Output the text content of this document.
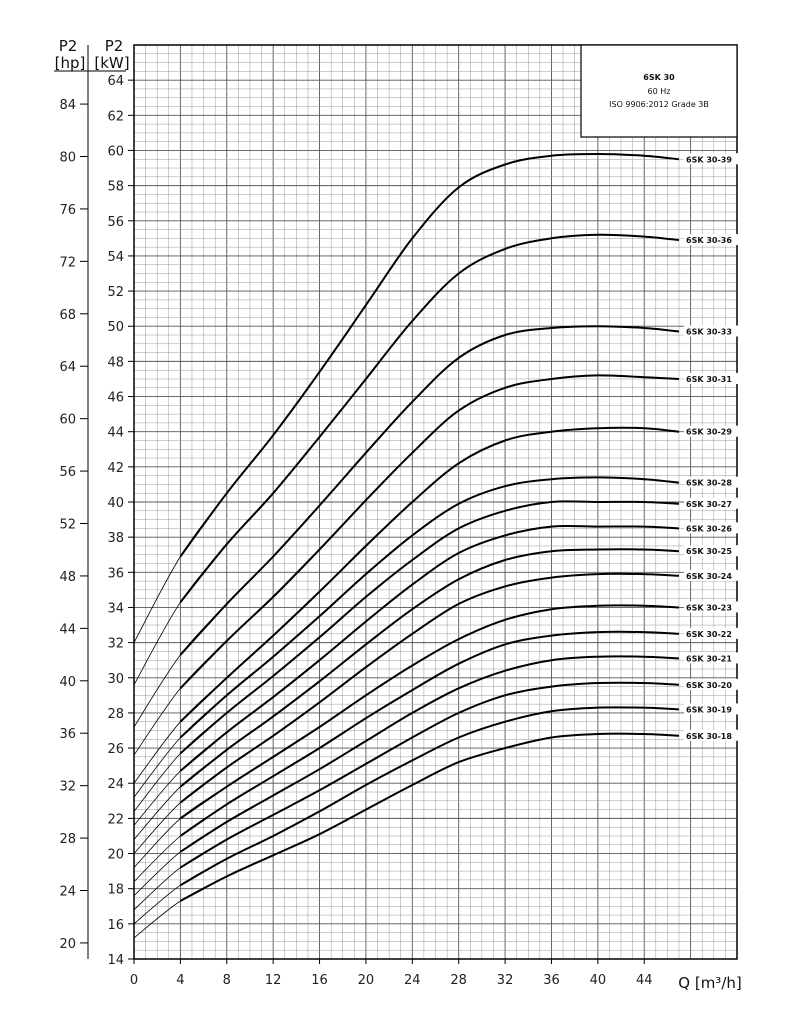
6SK 30
60 Hz
ISO 9906:2012 Grade 3B
6SK 30-18
6SK 30-19
6SK 30-20
6SK 30-21
6SK 30-22
6SK 30-23
6SK 30-24
6SK 30-25
6SK 30-26
6SK 30-27
6SK 30-28
6SK 30-29
6SK 30-31
6SK 30-33
6SK 30-36
6SK 30-39
0	4	8	12 16 20 24 28 32 36 40 44
14
16
18
20
22
24
26
28
30
32
34
36
38
40
42
44
46
48
50
52
54
56
58
60
62
64
20
24
28
32
36
40
44
48
52
56
60
64
68
72
76
80
84
P2
[hp]
P2
[kW]
Q [m³/h]
